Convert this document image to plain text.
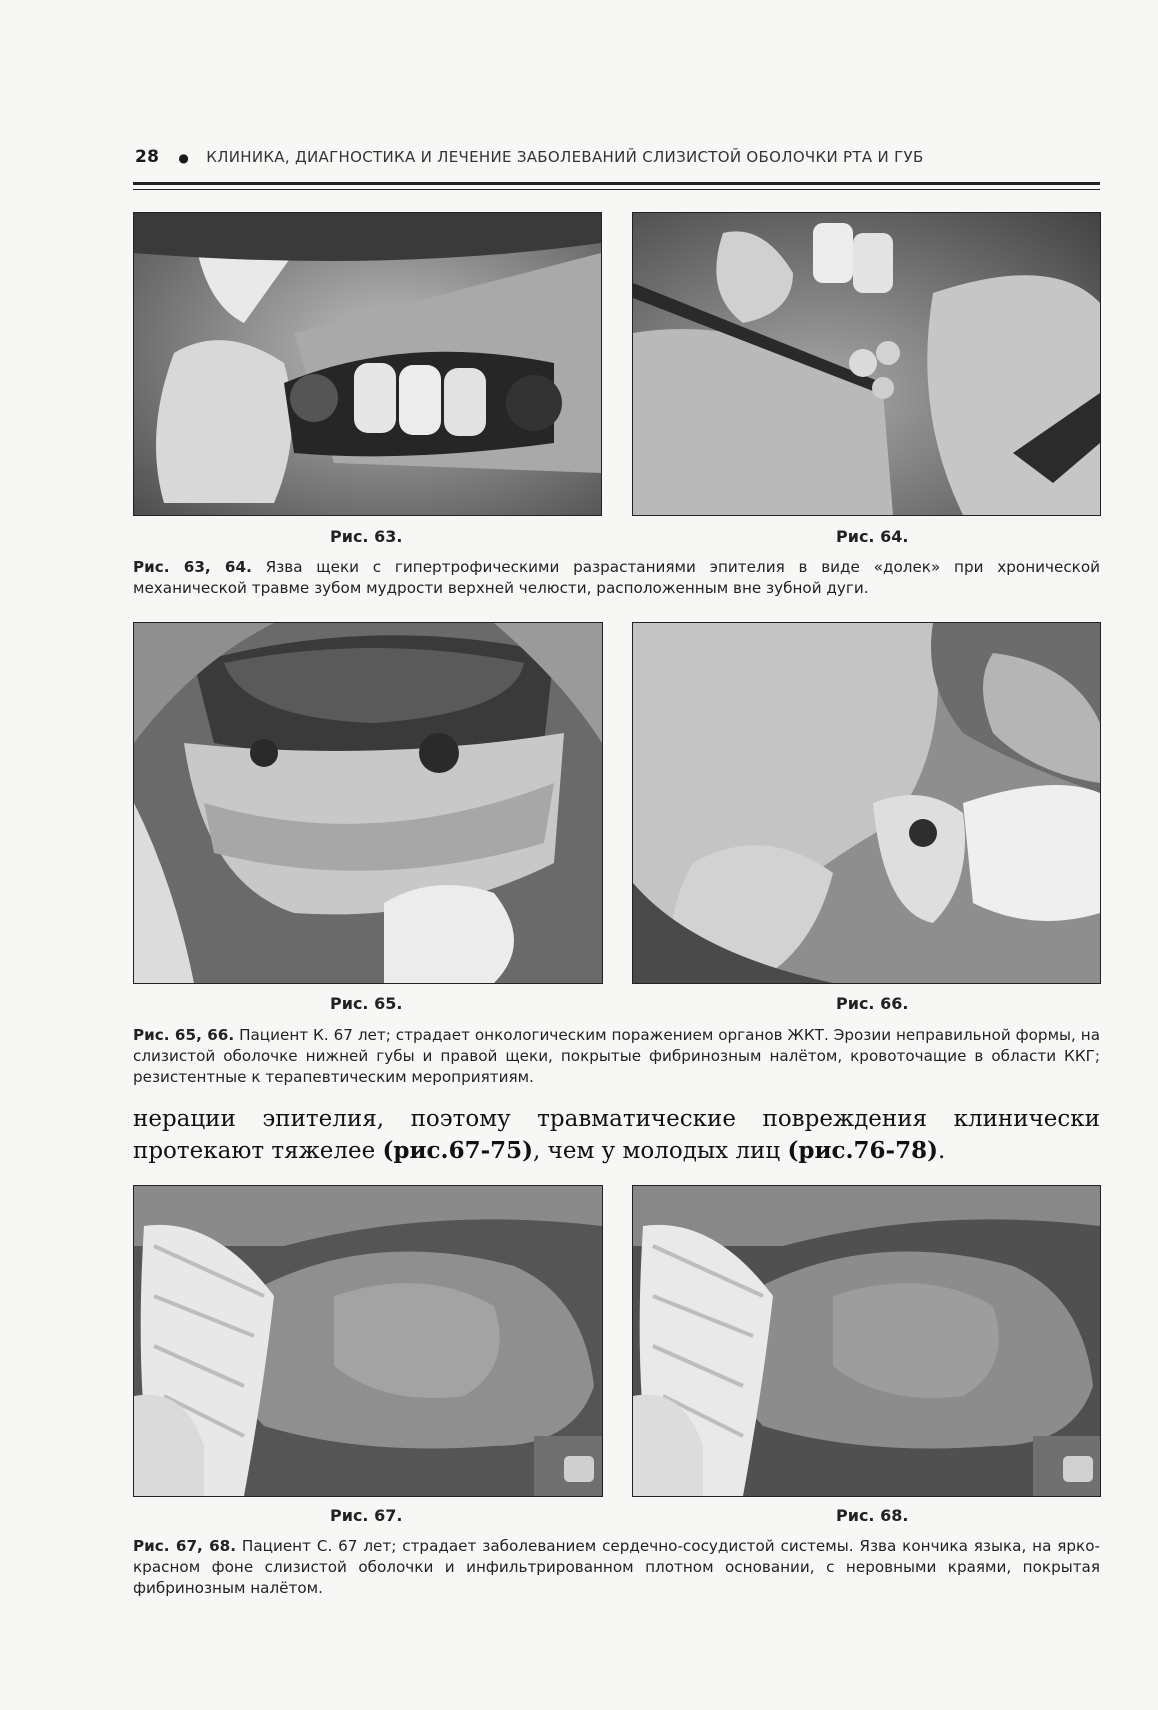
28 ● КЛИНИКА, ДИАГНОСТИКА И ЛЕЧЕНИЕ ЗАБОЛЕВАНИЙ СЛИЗИСТОЙ ОБОЛОЧКИ РТА И ГУБ
Рис. 63.	Рис. 64.
Рис. 63, 64. Язва щеки с гипертрофическими разрастаниями эпителия в виде «долек» при хронической механической травме зубом мудрости верхней челюсти, расположенным вне зубной дуги.
Рис. 65.	Рис. 66.
Рис. 65, 66. Пациент К. 67 лет; страдает онкологическим поражением органов ЖКТ. Эрозии неправильной формы, на слизистой оболочке нижней губы и правой щеки, покрытые фибринозным налётом, кровоточащие в области ККГ; резистентные к терапевтическим мероприятиям.
нерации эпителия, поэтому травматические повреждения клинически протекают тяжелее (рис.67-75), чем у молодых лиц (рис.76-78).
Рис. 67.	Рис. 68.
Рис. 67, 68. Пациент С. 67 лет; страдает заболеванием сердечно-сосудистой системы. Язва кончика языка, на ярко-красном фоне слизистой оболочки и инфильтрированном плотном основании, с неровными краями, покрытая фибринозным налётом.
